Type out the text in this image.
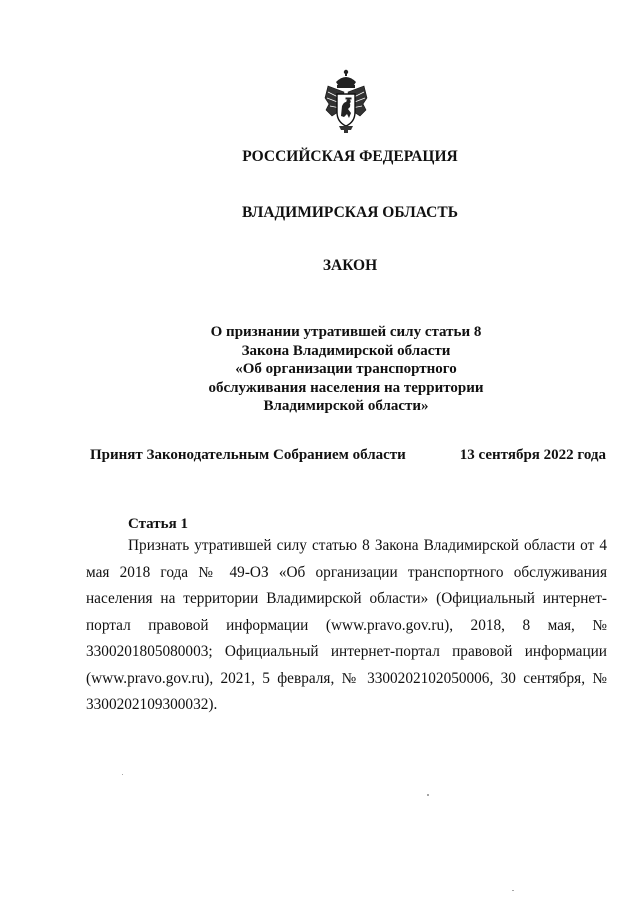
РОССИЙСКАЯ ФЕДЕРАЦИЯ
ВЛАДИМИРСКАЯ ОБЛАСТЬ
ЗАКОН
О признании утратившей силу статьи 8
Закона Владимирской области
«Об организации транспортного
обслуживания населения на территории
Владимирской области»
Принят Законодательным Собранием области	13 сентября 2022 года
Статья 1
Признать утратившей силу статью 8 Закона Владимирской области от 4 мая 2018 года № 49-ОЗ «Об организации транспортного обслуживания населения на территории Владимирской области» (Официальный интернет-портал правовой информации (www.pravo.gov.ru), 2018, 8 мая, № 3300201805080003; Официальный интернет-портал правовой информации (www.pravo.gov.ru), 2021, 5 февраля, № 3300202102050006, 30 сентября, № 3300202109300032).
